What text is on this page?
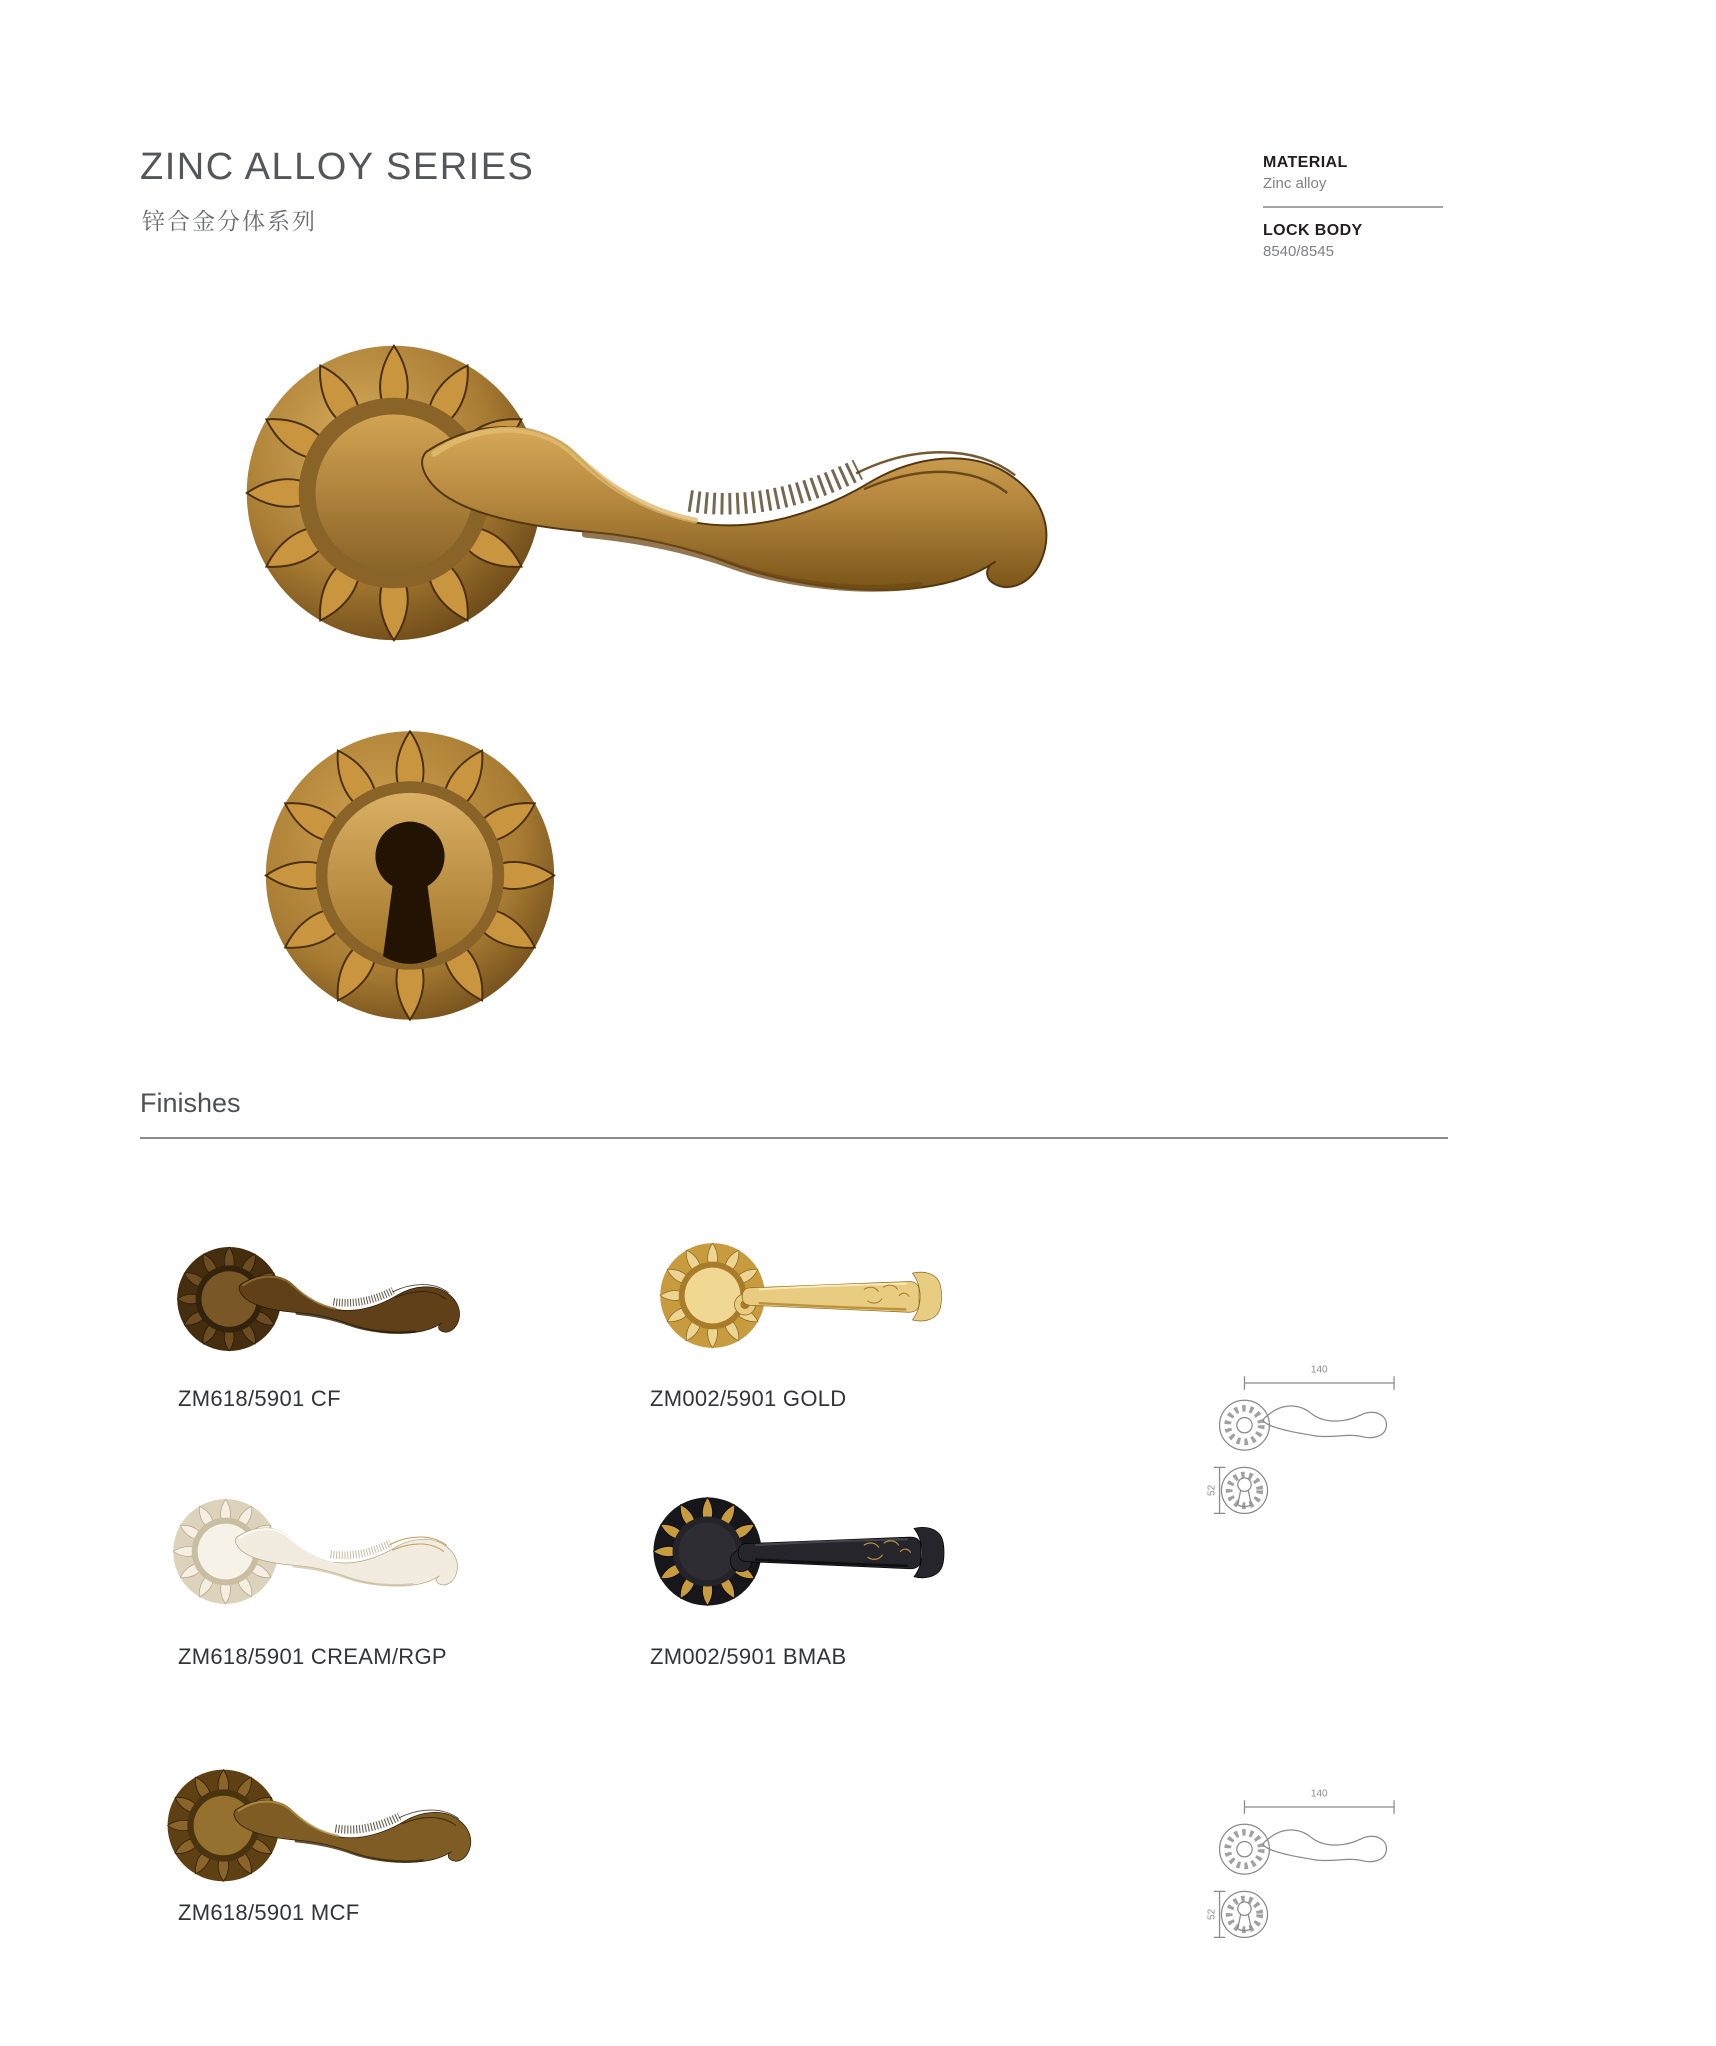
ZINC ALLOY SERIES
锌合金分体系列
MATERIAL
Zinc alloy
LOCK BODY
8540/8545
Finishes
ZM618/5901 CF	ZM002/5901 GOLD
ZM618/5901 CREAM/RGP	ZM002/5901 BMAB
ZM618/5901 MCF
140
52
140
52
